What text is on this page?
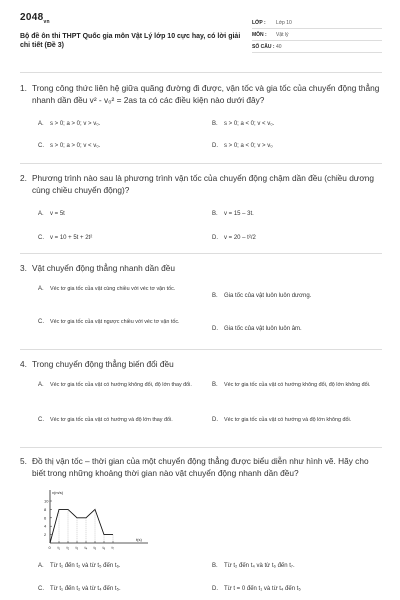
$2048_{vn}$
Bộ đề ôn thi THPT Quốc gia môn Vật Lý lớp 10 cực hay, có lời giải chi tiết (Đề 3)
LỚP :	Lớp 10
MÔN :	Vật lý
SỐ CÂU : 40
1. Trong công thức liên hệ giữa quãng đường đi được, vận tốc và gia tốc của chuyển động thẳng nhanh dần đều v² - v₀² = 2as ta có các điều kiện nào dưới đây?
A.	s > 0; a > 0; v > v₀.	B.	s > 0; a < 0; v < v₀.
C.	s > 0; a > 0; v < v₀.	D.	s > 0; a < 0; v > v₀
2. Phương trình nào sau là phương trình vận tốc của chuyển động chậm dần đều (chiều dương cùng chiều chuyển động)?
A.	v = 5t	B.	v = 15 – 3t.
C.	v = 10 + 5t + 2t²	D.	v = 20 – t²/2
3. Vật chuyển động thẳng nhanh dần đều
A.	Véc tơ gia tốc của vật cùng chiều với véc tơ vận tốc.
B.	Gia tốc của vật luôn luôn dương.
C.	Véc tơ gia tốc của vật ngược chiều với véc tơ vận tốc.
D.	Gia tốc của vật luôn luôn âm.
4. Trong chuyển động thẳng biến đổi đều
A.	Véc tơ gia tốc của vật có hướng không đổi, độ lớn thay đổi.	B.	Véc tơ gia tốc của vật có hướng không đổi, độ lớn không đổi.
C.	Véc tơ gia tốc của vật có hướng và độ lớn thay đổi.	D.	Véc tơ gia tốc của vật có hướng và độ lớn không đổi.
5. Đồ thị vận tốc – thời gian của một chuyển động thẳng được biểu diễn như hình vẽ. Hãy cho biết trong những khoảng thời gian nào vật chuyển động nhanh dần đều?
v(m/s)
t(s)
10
8
6
4
2
0 t₁ t₂ t₃ t₄ t₅ t₆ t₇
A.	Từ t₁ đến t₂ và từ t₅ đến t₆.	B.	Từ t₂ đến t₄ và từ t₆ đến t₇.
C.	Từ t₁ đến t₂ và từ t₄ đến t₅.	D.	Từ t = 0 đến t₁ và từ t₄ đến t₅
